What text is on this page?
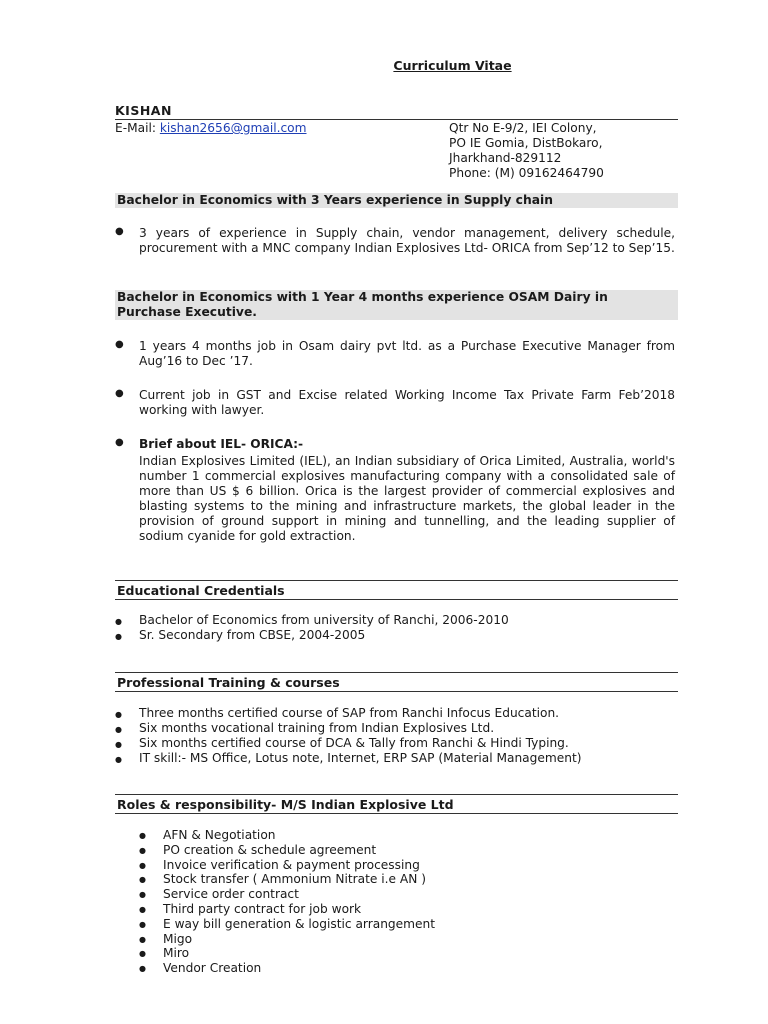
Curriculum Vitae
KISHAN
E-Mail: kishan2656@gmail.com	Qtr No E-9/2, IEI Colony,
PO IE Gomia, DistBokaro,
Jharkhand-829112
Phone: (M) 09162464790
Bachelor in Economics with 3 Years experience in Supply chain
● 3 years of experience in Supply chain, vendor management, delivery schedule, procurement with a MNC company Indian Explosives Ltd- ORICA from Sep’12 to Sep’15.
Bachelor in Economics with 1 Year 4 months experience OSAM Dairy in
Purchase Executive.
● 1 years 4 months job in Osam dairy pvt ltd. as a Purchase Executive Manager from Aug’16 to Dec ’17.
● Current job in GST and Excise related Working Income Tax Private Farm Feb’2018 working with lawyer.
● Brief about IEL- ORICA:-
Indian Explosives Limited (IEL), an Indian subsidiary of Orica Limited, Australia, world's number 1 commercial explosives manufacturing company with a consolidated sale of more than US $ 6 billion. Orica is the largest provider of commercial explosives and blasting systems to the mining and infrastructure markets, the global leader in the provision of ground support in mining and tunnelling, and the leading supplier of sodium cyanide for gold extraction.
Educational Credentials
● Bachelor of Economics from university of Ranchi, 2006-2010
● Sr. Secondary from CBSE, 2004-2005
Professional Training & courses
● Three months certified course of SAP from Ranchi Infocus Education.
● Six months vocational training from Indian Explosives Ltd.
● Six months certified course of DCA & Tally from Ranchi & Hindi Typing.
● IT skill:- MS Office, Lotus note, Internet, ERP SAP (Material Management)
Roles & responsibility- M/S Indian Explosive Ltd
● AFN & Negotiation
● PO creation & schedule agreement
● Invoice verification & payment processing
● Stock transfer ( Ammonium Nitrate i.e AN )
● Service order contract
● Third party contract for job work
● E way bill generation & logistic arrangement
● Migo
● Miro
● Vendor Creation
